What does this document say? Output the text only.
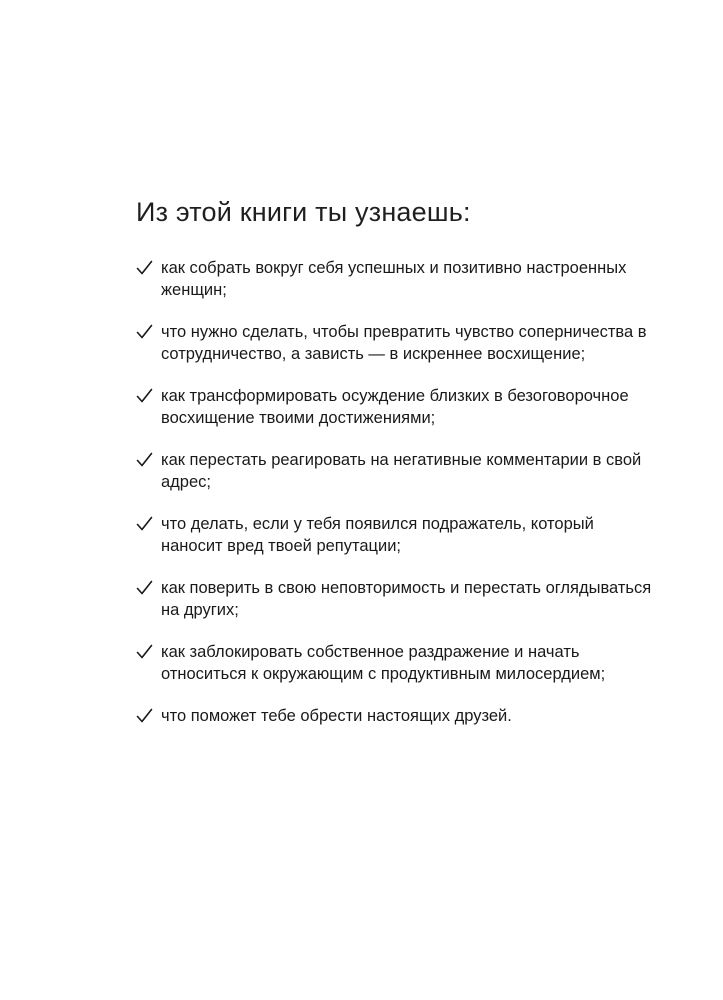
Из этой книги ты узнаешь:
как собрать вокруг себя успешных и позитивно настроенных женщин;
что нужно сделать, чтобы превратить чувство соперничества в сотрудничество, а зависть — в искреннее восхищение;
как трансформировать осуждение близких в безоговорочное восхищение твоими достижениями;
как перестать реагировать на негативные комментарии в свой адрес;
что делать, если у тебя появился подражатель, который наносит вред твоей репутации;
как поверить в свою неповторимость и перестать оглядываться на других;
как заблокировать собственное раздражение и начать относиться к окружающим с продуктивным милосердием;
что поможет тебе обрести настоящих друзей.
